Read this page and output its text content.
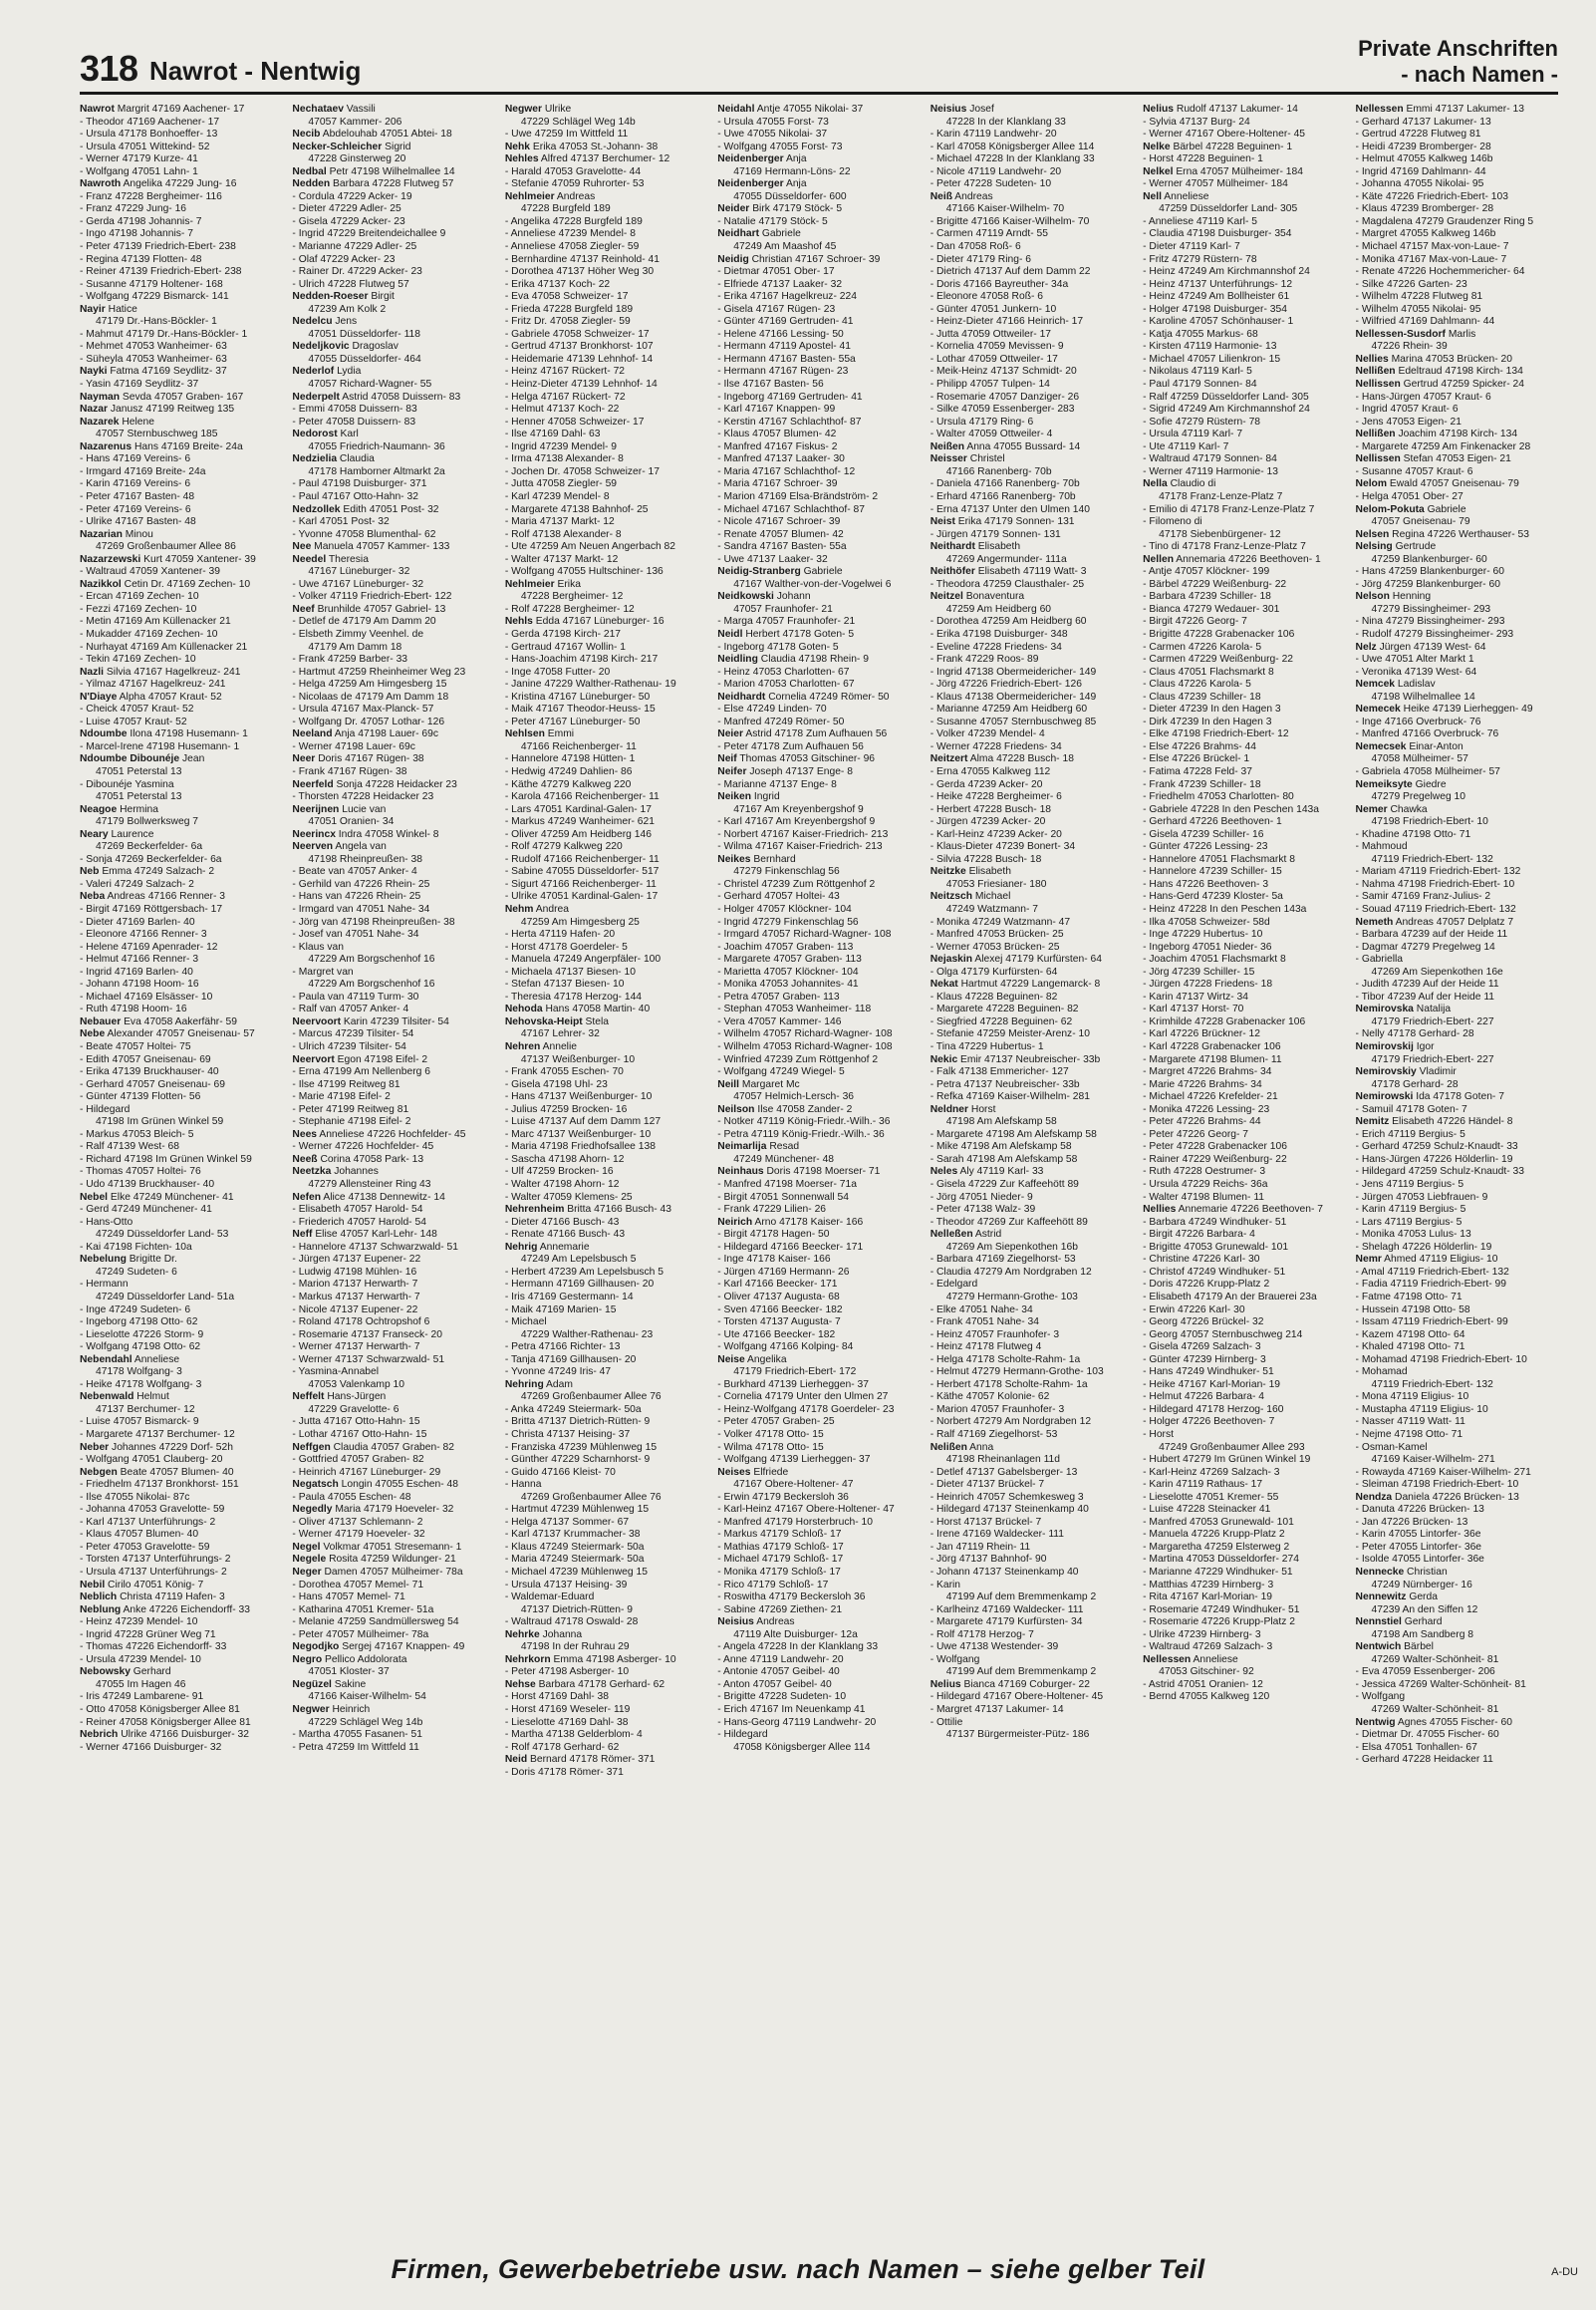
318 Nawrot - Nentwig
Private Anschriften
- nach Namen -
Nawrot Margrit 47169 Aachener- 17
- Theodor 47169 Aachener- 17
- Ursula 47178 Bonhoeffer- 13
- Ursula 47051 Wittekind- 52
- Werner 47179 Kurze- 41
- Wolfgang 47051 Lahn- 1
Nawroth Angelika 47229 Jung- 16
- Franz 47228 Bergheimer- 116
- Franz 47229 Jung- 16
- Gerda 47198 Johannis- 7
- Ingo 47198 Johannis- 7
- Peter 47139 Friedrich-Ebert- 238
- Regina 47139 Flotten- 48
- Reiner 47139 Friedrich-Ebert- 238
- Susanne 47179 Holtener- 168
- Wolfgang 47229 Bismarck- 141
Nayir Hatice
47179 Dr.-Hans-Böckler- 1
- Mahmut 47179 Dr.-Hans-Böckler- 1
- Mehmet 47053 Wanheimer- 63
- Süheyla 47053 Wanheimer- 63
Nayki Fatma 47169 Seydlitz- 37
- Yasin 47169 Seydlitz- 37
Nayman Sevda 47057 Graben- 167
Nazar Janusz 47199 Reitweg 135
Nazarek Helene
47057 Sternbuschweg 185
Nazarenus Hans 47169 Breite- 24a
- Hans 47169 Vereins- 6
- Irmgard 47169 Breite- 24a
- Karin 47169 Vereins- 6
- Peter 47167 Basten- 48
- Peter 47169 Vereins- 6
- Ulrike 47167 Basten- 48
Nazarian Minou
47269 Großenbaumer Allee 86
Nazarzewski Kurt 47059 Xantener- 39
- Waltraud 47059 Xantener- 39
Nazikkol Cetin Dr. 47169 Zechen- 10
- Ercan 47169 Zechen- 10
- Fezzi 47169 Zechen- 10
- Metin 47169 Am Küllenacker 21
- Mukadder 47169 Zechen- 10
- Nurhayat 47169 Am Küllenacker 21
- Tekin 47169 Zechen- 10
Nazli Silvia 47167 Hagelkreuz- 241
- Yilmaz 47167 Hagelkreuz- 241
N'Diaye Alpha 47057 Kraut- 52
- Cheick 47057 Kraut- 52
- Luise 47057 Kraut- 52
Ndoumbe Ilona 47198 Husemann- 1
- Marcel-Irene 47198 Husemann- 1
Ndoumbe Dibounéje Jean
47051 Peterstal 13
- Dibounéje Yasmina
47051 Peterstal 13
Neagoe Hermina
47179 Bollwerksweg 7
Neary Laurence
47269 Beckerfelder- 6a
- Sonja 47269 Beckerfelder- 6a
Neb Emma 47249 Salzach- 2
- Valeri 47249 Salzach- 2
Neba Andreas 47166 Renner- 3
- Birgit 47169 Röttgersbach- 17
- Dieter 47169 Barlen- 40
- Eleonore 47166 Renner- 3
- Helene 47169 Apenrader- 12
- Helmut 47166 Renner- 3
- Ingrid 47169 Barlen- 40
- Johann 47198 Hoom- 16
- Michael 47169 Elsässer- 10
- Ruth 47198 Hoom- 16
Nebauer Eva 47058 Aakerfähr- 59
Nebe Alexander 47057 Gneisenau- 57
- Beate 47057 Holtei- 75
- Edith 47057 Gneisenau- 69
- Erika 47139 Bruckhauser- 40
- Gerhard 47057 Gneisenau- 69
- Günter 47139 Flotten- 56
- Hildegard
47198 Im Grünen Winkel 59
- Markus 47053 Bleich- 5
- Ralf 47139 West- 68
- Richard 47198 Im Grünen Winkel 59
- Thomas 47057 Holtei- 76
- Udo 47139 Bruckhauser- 40
Nebel Elke 47249 Münchener- 41
- Gerd 47249 Münchener- 41
- Hans-Otto
47249 Düsseldorfer Land- 53
- Kai 47198 Fichten- 10a
Nebelung Brigitte Dr.
47249 Sudeten- 6
- Hermann
47249 Düsseldorfer Land- 51a
- Inge 47249 Sudeten- 6
- Ingeborg 47198 Otto- 62
- Lieselotte 47226 Storm- 9
- Wolfgang 47198 Otto- 62
Nebendahl Anneliese
47178 Wolfgang- 3
- Heike 47178 Wolfgang- 3
Nebenwald Helmut
47137 Berchumer- 12
- Luise 47057 Bismarck- 9
- Margarete 47137 Berchumer- 12
Neber Johannes 47229 Dorf- 52h
- Wolfgang 47051 Clauberg- 20
Nebgen Beate 47057 Blumen- 40
- Friedhelm 47137 Bronkhorst- 151
- Ilse 47055 Nikolai- 87c
- Johanna 47053 Gravelotte- 59
- Karl 47137 Unterführungs- 2
- Klaus 47057 Blumen- 40
- Peter 47053 Gravelotte- 59
- Torsten 47137 Unterführungs- 2
- Ursula 47137 Unterführungs- 2
Nebil Cirilo 47051 König- 7
Neblich Christa 47119 Hafen- 3
Neblung Anke 47226 Eichendorff- 33
- Heinz 47239 Mendel- 10
- Ingrid 47228 Grüner Weg 71
- Thomas 47226 Eichendorff- 33
- Ursula 47239 Mendel- 10
Nebowsky Gerhard
47055 Im Hagen 46
- Iris 47249 Lambarene- 91
- Otto 47058 Königsberger Allee 81
- Reiner 47058 Königsberger Allee 81
Nebrich Ulrike 47166 Duisburger- 32
- Werner 47166 Duisburger- 32
Nechataev Vassili
47057 Kammer- 206
Necib Abdelouhab 47051 Abtei- 18
Necker-Schleicher Sigrid
47228 Ginsterweg 20
Nedbal Petr 47198 Wilhelmallee 14
Nedden Barbara 47228 Flutweg 57
- Cordula 47229 Acker- 19
- Dieter 47229 Adler- 25
- Gisela 47229 Acker- 23
- Ingrid 47229 Breitendeichallee 9
- Marianne 47229 Adler- 25
- Olaf 47229 Acker- 23
- Rainer Dr. 47229 Acker- 23
- Ulrich 47228 Flutweg 57
Nedden-Roeser Birgit
47239 Am Kolk 2
Nedelcu Jens
47051 Düsseldorfer- 118
Nedeljkovic Dragoslav
47055 Düsseldorfer- 464
Nederlof Lydia
47057 Richard-Wagner- 55
Nederpelt Astrid 47058 Duissern- 83
- Emmi 47058 Duissern- 83
- Peter 47058 Duissern- 83
Nedorost Karl
47055 Friedrich-Naumann- 36
Nedzielia Claudia
47178 Hamborner Altmarkt 2a
- Paul 47198 Duisburger- 371
- Paul 47167 Otto-Hahn- 32
Nedzollek Edith 47051 Post- 32
- Karl 47051 Post- 32
- Yvonne 47058 Blumenthal- 62
Nee Manuela 47057 Kammer- 133
Needel Theresia
47167 Lüneburger- 32
- Uwe 47167 Lüneburger- 32
- Volker 47119 Friedrich-Ebert- 122
Neef Brunhilde 47057 Gabriel- 13
- Detlef de 47179 Am Damm 20
- Elsbeth Zimmy Veenhel. de
47179 Am Damm 18
- Frank 47259 Barber- 33
- Hartmut 47259 Rheinheimer Weg 23
- Helga 47259 Am Himgesberg 15
- Nicolaas de 47179 Am Damm 18
- Ursula 47167 Max-Planck- 57
- Wolfgang Dr. 47057 Lothar- 126
Neeland Anja 47198 Lauer- 69c
- Werner 47198 Lauer- 69c
Neer Doris 47167 Rügen- 38
- Frank 47167 Rügen- 38
Neerfeld Sonja 47228 Heidacker 23
- Thorsten 47228 Heidacker 23
Neerijnen Lucie van
47051 Oranien- 34
Neerincx Indra 47058 Winkel- 8
Neerven Angela van
47198 Rheinpreußen- 38
- Beate van 47057 Anker- 4
- Gerhild van 47226 Rhein- 25
- Hans van 47226 Rhein- 25
- Irmgard van 47051 Nahe- 34
- Jörg van 47198 Rheinpreußen- 38
- Josef van 47051 Nahe- 34
- Klaus van
47229 Am Borgschenhof 16
- Margret van
47229 Am Borgschenhof 16
- Paula van 47119 Turm- 30
- Ralf van 47057 Anker- 4
Neervoort Karin 47239 Tilsiter- 54
- Marcus 47239 Tilsiter- 54
- Ulrich 47239 Tilsiter- 54
Neervort Egon 47198 Eifel- 2
- Erna 47199 Am Nellenberg 6
- Ilse 47199 Reitweg 81
- Marie 47198 Eifel- 2
- Peter 47199 Reitweg 81
- Stephanie 47198 Eifel- 2
Nees Anneliese 47226 Hochfelder- 45
- Werner 47226 Hochfelder- 45
Neeß Corina 47058 Park- 13
Neetzka Johannes
47279 Allensteiner Ring 43
Nefen Alice 47138 Dennewitz- 14
- Elisabeth 47057 Harold- 54
- Friederich 47057 Harold- 54
Neff Elise 47057 Karl-Lehr- 148
- Hannelore 47137 Schwarzwald- 51
- Jürgen 47137 Eupener- 22
- Ludwig 47198 Mühlen- 16
- Marion 47137 Herwarth- 7
- Markus 47137 Herwarth- 7
- Nicole 47137 Eupener- 22
- Roland 47178 Ochtropshof 6
- Rosemarie 47137 Franseck- 20
- Werner 47137 Herwarth- 7
- Werner 47137 Schwarzwald- 51
- Yasmina-Annabel
47053 Valenkamp 10
Neffelt Hans-Jürgen
47229 Gravelotte- 6
- Jutta 47167 Otto-Hahn- 15
- Lothar 47167 Otto-Hahn- 15
Neffgen Claudia 47057 Graben- 82
- Gottfried 47057 Graben- 82
- Heinrich 47167 Lüneburger- 29
Negatsch Longin 47055 Eschen- 48
- Paula 47055 Eschen- 48
Negedly Maria 47179 Hoeveler- 32
- Oliver 47137 Schlemann- 2
- Werner 47179 Hoeveler- 32
Negel Volkmar 47051 Stresemann- 1
Negele Rosita 47259 Wildunger- 21
Neger Damen 47057 Mülheimer- 78a
- Dorothea 47057 Memel- 71
- Hans 47057 Memel- 71
- Katharina 47051 Kremer- 51a
- Melanie 47259 Sandmüllersweg 54
- Peter 47057 Mülheimer- 78a
Negodjko Sergej 47167 Knappen- 49
Negro Pellico Addolorata
47051 Kloster- 37
Negüzel Sakine
47166 Kaiser-Wilhelm- 54
Negwer Heinrich
47229 Schlägel Weg 14b
- Martha 47055 Fasanen- 51
- Petra 47259 Im Wittfeld 11
Negwer Ulrike
47229 Schlägel Weg 14b
- Uwe 47259 Im Wittfeld 11
Nehk Erika 47053 St.-Johann- 38
Nehles Alfred 47137 Berchumer- 12
- Harald 47053 Gravelotte- 44
- Stefanie 47059 Ruhrorter- 53
Nehlmeier Andreas
47228 Burgfeld 189
- Angelika 47228 Burgfeld 189
- Anneliese 47239 Mendel- 8
- Anneliese 47058 Ziegler- 59
- Bernhardine 47137 Reinhold- 41
- Dorothea 47137 Höher Weg 30
- Erika 47137 Koch- 22
- Eva 47058 Schweizer- 17
- Frieda 47228 Burgfeld 189
- Fritz Dr. 47058 Ziegler- 59
- Gabriele 47058 Schweizer- 17
- Gertrud 47137 Bronkhorst- 107
- Heidemarie 47139 Lehnhof- 14
- Heinz 47167 Rückert- 72
- Heinz-Dieter 47139 Lehnhof- 14
- Helga 47167 Rückert- 72
- Helmut 47137 Koch- 22
- Henner 47058 Schweizer- 17
- Ilse 47169 Dahl- 63
- Ingrid 47239 Mendel- 9
- Irma 47138 Alexander- 8
- Jochen Dr. 47058 Schweizer- 17
- Jutta 47058 Ziegler- 59
- Karl 47239 Mendel- 8
- Margarete 47138 Bahnhof- 25
- Maria 47137 Markt- 12
- Rolf 47138 Alexander- 8
- Ute 47259 Am Neuen Angerbach 82
- Walter 47137 Markt- 12
- Wolfgang 47055 Hultschiner- 136
Nehlmeier Erika
47228 Bergheimer- 12
- Rolf 47228 Bergheimer- 12
Nehls Edda 47167 Lüneburger- 16
- Gerda 47198 Kirch- 217
- Gertraud 47167 Wollin- 1
- Hans-Joachim 47198 Kirch- 217
- Inge 47058 Futter- 20
- Janine 47229 Walther-Rathenau- 19
- Kristina 47167 Lüneburger- 50
- Maik 47167 Theodor-Heuss- 15
- Peter 47167 Lüneburger- 50
Nehlsen Emmi
47166 Reichenberger- 11
- Hannelore 47198 Hütten- 1
- Hedwig 47249 Dahlien- 86
- Käthe 47279 Kalkweg 220
- Karola 47166 Reichenberger- 11
- Lars 47051 Kardinal-Galen- 17
- Markus 47249 Wanheimer- 621
- Oliver 47259 Am Heidberg 146
- Rolf 47279 Kalkweg 220
- Rudolf 47166 Reichenberger- 11
- Sabine 47055 Düsseldorfer- 517
- Sigurt 47166 Reichenberger- 11
- Ulrike 47051 Kardinal-Galen- 17
Nehm Andrea
47259 Am Himgesberg 25
- Herta 47119 Hafen- 20
- Horst 47178 Goerdeler- 5
- Manuela 47249 Angerpfäler- 100
- Michaela 47137 Biesen- 10
- Stefan 47137 Biesen- 10
- Theresia 47178 Herzog- 144
Nehoda Hans 47058 Martin- 40
Nehovska-Heipt Stela
47167 Lehrer- 32
Nehren Annelie
47137 Weißenburger- 10
- Frank 47055 Eschen- 70
- Gisela 47198 Uhl- 23
- Hans 47137 Weißenburger- 10
- Julius 47259 Brocken- 16
- Luise 47137 Auf dem Damm 127
- Marc 47137 Weißenburger- 10
- Maria 47198 Friedhofsallee 138
- Sascha 47198 Ahorn- 12
- Ulf 47259 Brocken- 16
- Walter 47198 Ahorn- 12
- Walter 47059 Klemens- 25
Nehrenheim Britta 47166 Busch- 43
- Dieter 47166 Busch- 43
- Renate 47166 Busch- 43
Nehrig Annemarie
47249 Am Lepelsbusch 5
- Herbert 47239 Am Lepelsbusch 5
- Hermann 47169 Gillhausen- 20
- Iris 47169 Gestermann- 14
- Maik 47169 Marien- 15
- Michael
47229 Walther-Rathenau- 23
- Petra 47166 Richter- 13
- Tanja 47169 Gillhausen- 20
- Yvonne 47249 Iris- 47
Nehring Adam
47269 Großenbaumer Allee 76
- Anka 47249 Steiermark- 50a
- Britta 47137 Dietrich-Rütten- 9
- Christa 47137 Heising- 37
- Franziska 47239 Mühlenweg 15
- Günther 47229 Scharnhorst- 9
- Guido 47166 Kleist- 70
- Hanna
47269 Großenbaumer Allee 76
- Hartmut 47239 Mühlenweg 15
- Helga 47137 Sommer- 67
- Karl 47137 Krummacher- 38
- Klaus 47249 Steiermark- 50a
- Maria 47249 Steiermark- 50a
- Michael 47239 Mühlenweg 15
- Ursula 47137 Heising- 39
- Waldemar-Eduard
47137 Dietrich-Rütten- 9
- Waltraud 47178 Oswald- 28
Nehrke Johanna
47198 In der Ruhrau 29
Nehrkorn Emma 47198 Asberger- 10
- Peter 47198 Asberger- 10
Nehse Barbara 47178 Gerhard- 62
- Horst 47169 Dahl- 38
- Horst 47169 Weseler- 119
- Lieselotte 47169 Dahl- 38
- Martha 47138 Gelderblom- 4
- Rolf 47178 Gerhard- 62
Neid Bernard 47178 Römer- 371
- Doris 47178 Römer- 371
Neidahl Antje 47055 Nikolai- 37
- Ursula 47055 Forst- 73
- Uwe 47055 Nikolai- 37
- Wolfgang 47055 Forst- 73
Neidenberger Anja
47169 Hermann-Löns- 22
Neidenberger Anja
47055 Düsseldorfer- 600
Neider Birk 47179 Stöck- 5
- Natalie 47179 Stöck- 5
Neidhart Gabriele
47249 Am Maashof 45
Neidig Christian 47167 Schroer- 39
- Dietmar 47051 Ober- 17
- Elfriede 47137 Laaker- 32
- Erika 47167 Hagelkreuz- 224
- Gisela 47167 Rügen- 23
- Günter 47169 Gertruden- 41
- Helene 47166 Lessing- 50
- Hermann 47119 Apostel- 41
- Hermann 47167 Basten- 55a
- Hermann 47167 Rügen- 23
- Ilse 47167 Basten- 56
- Ingeborg 47169 Gertruden- 41
- Karl 47167 Knappen- 99
- Kerstin 47167 Schlachthof- 87
- Klaus 47057 Blumen- 42
- Manfred 47167 Fiskus- 2
- Manfred 47137 Laaker- 30
- Maria 47167 Schlachthof- 12
- Maria 47167 Schroer- 39
- Marion 47169 Elsa-Brändström- 2
- Michael 47167 Schlachthof- 87
- Nicole 47167 Schroer- 39
- Renate 47057 Blumen- 42
- Sandra 47167 Basten- 55a
- Uwe 47137 Laaker- 32
Neidig-Stranberg Gabriele
47167 Walther-von-der-Vogelwei 6
Neidkowski Johann
47057 Fraunhofer- 21
- Marga 47057 Fraunhofer- 21
Neidl Herbert 47178 Goten- 5
- Ingeborg 47178 Goten- 5
Neidling Claudia 47198 Rhein- 9
- Heinz 47053 Charlotten- 67
- Marion 47053 Charlotten- 67
Neidhardt Cornelia 47249 Römer- 50
- Else 47249 Linden- 70
- Manfred 47249 Römer- 50
Neier Astrid 47178 Zum Aufhauen 56
- Peter 47178 Zum Aufhauen 56
Neif Thomas 47053 Gitschiner- 96
Neifer Joseph 47137 Enge- 8
- Marianne 47137 Enge- 8
Neiken Ingrid
47167 Am Kreyenbergshof 9
- Karl 47167 Am Kreyenbergshof 9
- Norbert 47167 Kaiser-Friedrich- 213
- Wilma 47167 Kaiser-Friedrich- 213
Neikes Bernhard
47279 Finkenschlag 56
- Christel 47239 Zum Röttgenhof 2
- Gerhard 47057 Holtei- 43
- Holger 47057 Klöckner- 104
- Ingrid 47279 Finkenschlag 56
- Irmgard 47057 Richard-Wagner- 108
- Joachim 47057 Graben- 113
- Margarete 47057 Graben- 113
- Marietta 47057 Klöckner- 104
- Monika 47053 Johannites- 41
- Petra 47057 Graben- 113
- Stephan 47053 Wanheimer- 118
- Vera 47057 Kammer- 146
- Wilhelm 47057 Richard-Wagner- 108
- Wilhelm 47053 Richard-Wagner- 108
- Winfried 47239 Zum Röttgenhof 2
- Wolfgang 47249 Wiegel- 5
Neill Margaret Mc
47057 Helmich-Lersch- 36
Neilson Ilse 47058 Zander- 2
- Notker 47119 König-Friedr.-Wilh.- 36
- Petra 47119 König-Friedr.-Wilh.- 36
Neimarlija Resad
47249 Münchener- 48
Neinhaus Doris 47198 Moerser- 71
- Manfred 47198 Moerser- 71a
- Birgit 47051 Sonnenwall 54
- Frank 47229 Lilien- 26
Neirich Arno 47178 Kaiser- 166
- Birgit 47178 Hagen- 50
- Hildegard 47166 Beecker- 171
- Inge 47178 Kaiser- 166
- Jürgen 47169 Hermann- 26
- Karl 47166 Beecker- 171
- Oliver 47137 Augusta- 68
- Sven 47166 Beecker- 182
- Torsten 47137 Augusta- 7
- Ute 47166 Beecker- 182
- Wolfgang 47166 Kolping- 84
Neise Angelika
47179 Friedrich-Ebert- 172
- Burkhard 47139 Lierheggen- 37
- Cornelia 47179 Unter den Ulmen 27
- Heinz-Wolfgang 47178 Goerdeler- 23
- Peter 47057 Graben- 25
- Volker 47178 Otto- 15
- Wilma 47178 Otto- 15
- Wolfgang 47139 Lierheggen- 37
Neises Elfriede
47167 Obere-Holtener- 47
- Erwin 47179 Beckersloh 36
- Karl-Heinz 47167 Obere-Holtener- 47
- Manfred 47179 Horsterbruch- 10
- Markus 47179 Schloß- 17
- Mathias 47179 Schloß- 17
- Michael 47179 Schloß- 17
- Monika 47179 Schloß- 17
- Rico 47179 Schloß- 17
- Roswitha 47179 Beckersloh 36
- Sabine 47269 Ziethen- 21
Neisius Andreas
47119 Alte Duisburger- 12a
- Angela 47228 In der Klanklang 33
- Anne 47119 Landwehr- 20
- Antonie 47057 Geibel- 40
- Anton 47057 Geibel- 40
- Brigitte 47228 Sudeten- 10
- Erich 47167 Im Neuenkamp 41
- Hans-Georg 47119 Landwehr- 20
- Hildegard
47058 Königsberger Allee 114
Neisius Josef
47228 In der Klanklang 33
- Karin 47119 Landwehr- 20
- Karl 47058 Königsberger Allee 114
- Michael 47228 In der Klanklang 33
- Nicole 47119 Landwehr- 20
- Peter 47228 Sudeten- 10
Neiß Andreas
47166 Kaiser-Wilhelm- 70
- Brigitte 47166 Kaiser-Wilhelm- 70
- Carmen 47119 Arndt- 55
- Dan 47058 Roß- 6
- Dieter 47179 Ring- 6
- Dietrich 47137 Auf dem Damm 22
- Doris 47166 Bayreuther- 34a
- Eleonore 47058 Roß- 6
- Günter 47051 Junkern- 10
- Heinz-Dieter 47166 Heinrich- 17
- Jutta 47059 Ottweiler- 17
- Kornelia 47059 Mevissen- 9
- Lothar 47059 Ottweiler- 17
- Meik-Heinz 47137 Schmidt- 20
- Philipp 47057 Tulpen- 14
- Rosemarie 47057 Danziger- 26
- Silke 47059 Essenberger- 283
- Ursula 47179 Ring- 6
- Walter 47059 Ottweiler- 4
Neißen Anna 47055 Bussard- 14
Neisser Christel
47166 Ranenberg- 70b
- Daniela 47166 Ranenberg- 70b
- Erhard 47166 Ranenberg- 70b
- Erna 47137 Unter den Ulmen 140
Neist Erika 47179 Sonnen- 131
- Jürgen 47179 Sonnen- 131
Neithardt Elisabeth
47269 Angermunder- 111a
Neithöfer Elisabeth 47119 Watt- 3
- Theodora 47259 Clausthaler- 25
Neitzel Bonaventura
47259 Am Heidberg 60
- Dorothea 47259 Am Heidberg 60
- Erika 47198 Duisburger- 348
- Eveline 47228 Friedens- 34
- Frank 47229 Roos- 89
- Ingrid 47138 Obermeidericher- 149
- Jörg 47226 Friedrich-Ebert- 126
- Klaus 47138 Obermeidericher- 149
- Marianne 47259 Am Heidberg 60
- Susanne 47057 Sternbuschweg 85
- Volker 47239 Mendel- 4
- Werner 47228 Friedens- 34
Neitzert Alma 47228 Busch- 18
- Erna 47055 Kalkweg 112
- Gerda 47239 Acker- 20
- Heike 47228 Bergheimer- 6
- Herbert 47228 Busch- 18
- Jürgen 47239 Acker- 20
- Karl-Heinz 47239 Acker- 20
- Klaus-Dieter 47239 Bonert- 34
- Silvia 47228 Busch- 18
Neitzke Elisabeth
47053 Friesianer- 180
Neitzsch Michael
47249 Watzmann- 7
- Monika 47249 Watzmann- 47
- Manfred 47053 Brücken- 25
- Werner 47053 Brücken- 25
Nejaskin Alexej 47179 Kurfürsten- 64
- Olga 47179 Kurfürsten- 64
Nekat Hartmut 47229 Langemarck- 8
- Klaus 47228 Beguinen- 82
- Margarete 47228 Beguinen- 82
- Siegfried 47228 Beguinen- 62
- Stefanie 47259 Meister-Arenz- 10
- Tina 47229 Hubertus- 1
Nekic Emir 47137 Neubreischer- 33b
- Falk 47138 Emmericher- 127
- Petra 47137 Neubreischer- 33b
- Refka 47169 Kaiser-Wilhelm- 281
Neldner Horst
47198 Am Alefskamp 58
- Margarete 47198 Am Alefskamp 58
- Mike 47198 Am Alefskamp 58
- Sarah 47198 Am Alefskamp 58
Neles Aly 47119 Karl- 33
- Gisela 47229 Zur Kaffeehött 89
- Jörg 47051 Nieder- 9
- Peter 47138 Walz- 39
- Theodor 47269 Zur Kaffeehött 89
Nelleßen Astrid
47269 Am Siepenkothen 16b
- Barbara 47169 Ziegelhorst- 53
- Claudia 47279 Am Nordgraben 12
- Edelgard
47279 Hermann-Grothe- 103
- Elke 47051 Nahe- 34
- Frank 47051 Nahe- 34
- Heinz 47057 Fraunhofer- 3
- Heinz 47178 Flutweg 4
- Helga 47178 Scholte-Rahm- 1a
- Helmut 47279 Hermann-Grothe- 103
- Herbert 47178 Scholte-Rahm- 1a
- Käthe 47057 Kolonie- 62
- Marion 47057 Fraunhofer- 3
- Norbert 47279 Am Nordgraben 12
- Ralf 47169 Ziegelhorst- 53
Nelißen Anna
47198 Rheinanlagen 11d
- Detlef 47137 Gabelsberger- 13
- Dieter 47137 Brückel- 7
- Heinrich 47057 Schemkesweg 3
- Hildegard 47137 Steinenkamp 40
- Horst 47137 Brückel- 7
- Irene 47169 Waldecker- 111
- Jan 47119 Rhein- 11
- Jörg 47137 Bahnhof- 90
- Johann 47137 Steinenkamp 40
- Karin
47199 Auf dem Bremmenkamp 2
- Karlheinz 47169 Waldecker- 111
- Margarete 47179 Kurfürsten- 34
- Rolf 47178 Herzog- 7
- Uwe 47138 Westender- 39
- Wolfgang
47199 Auf dem Bremmenkamp 2
Nelius Bianca 47169 Coburger- 22
- Hildegard 47167 Obere-Holtener- 45
- Margret 47137 Lakumer- 14
- Ottilie
47137 Bürgermeister-Pütz- 186
Nelius Rudolf 47137 Lakumer- 14
- Sylvia 47137 Burg- 24
- Werner 47167 Obere-Holtener- 45
Nelke Bärbel 47228 Beguinen- 1
- Horst 47228 Beguinen- 1
Nelkel Erna 47057 Mülheimer- 184
- Werner 47057 Mülheimer- 184
Nell Anneliese
47259 Düsseldorfer Land- 305
- Anneliese 47119 Karl- 5
- Claudia 47198 Duisburger- 354
- Dieter 47119 Karl- 7
- Fritz 47279 Rüstern- 78
- Heinz 47249 Am Kirchmannshof 24
- Heinz 47137 Unterführungs- 12
- Heinz 47249 Am Bollheister 61
- Holger 47198 Duisburger- 354
- Karoline 47057 Schönhauser- 1
- Katja 47055 Markus- 68
- Kirsten 47119 Harmonie- 13
- Michael 47057 Lilienkron- 15
- Nikolaus 47119 Karl- 5
- Paul 47179 Sonnen- 84
- Ralf 47259 Düsseldorfer Land- 305
- Sigrid 47249 Am Kirchmannshof 24
- Sofie 47279 Rüstern- 78
- Ursula 47119 Karl- 7
- Ute 47119 Karl- 7
- Waltraud 47179 Sonnen- 84
- Werner 47119 Harmonie- 13
Nella Claudio di
47178 Franz-Lenze-Platz 7
- Emilio di 47178 Franz-Lenze-Platz 7
- Filomeno di
47178 Siebenbürgener- 12
- Tino di 47178 Franz-Lenze-Platz 7
Nellen Annemaria 47226 Beethoven- 1
- Antje 47057 Klöckner- 199
- Bärbel 47229 Weißenburg- 22
- Barbara 47239 Schiller- 18
- Bianca 47279 Wedauer- 301
- Birgit 47226 Georg- 7
- Brigitte 47228 Grabenacker 106
- Carmen 47226 Karola- 5
- Carmen 47229 Weißenburg- 22
- Claus 47051 Flachsmarkt 8
- Claus 47226 Karola- 5
- Claus 47239 Schiller- 18
- Dieter 47239 In den Hagen 3
- Dirk 47239 In den Hagen 3
- Elke 47198 Friedrich-Ebert- 12
- Else 47226 Brahms- 44
- Else 47226 Brückel- 1
- Fatima 47228 Feld- 37
- Frank 47239 Schiller- 18
- Friedhelm 47053 Charlotten- 80
- Gabriele 47228 In den Peschen 143a
- Gerhard 47226 Beethoven- 1
- Gisela 47239 Schiller- 16
- Günter 47226 Lessing- 23
- Hannelore 47051 Flachsmarkt 8
- Hannelore 47239 Schiller- 15
- Hans 47226 Beethoven- 3
- Hans-Gerd 47239 Kloster- 5a
- Heinz 47228 In den Peschen 143a
- Ilka 47058 Schweizer- 58d
- Inge 47229 Hubertus- 10
- Ingeborg 47051 Nieder- 36
- Joachim 47051 Flachsmarkt 8
- Jörg 47239 Schiller- 15
- Jürgen 47228 Friedens- 18
- Karin 47137 Wirtz- 34
- Karl 47137 Horst- 70
- Krimhilde 47228 Grabenacker 106
- Karl 47226 Brückner- 12
- Karl 47228 Grabenacker 106
- Margarete 47198 Blumen- 11
- Margret 47226 Brahms- 34
- Marie 47226 Brahms- 34
- Michael 47226 Krefelder- 21
- Monika 47226 Lessing- 23
- Peter 47226 Brahms- 44
- Peter 47226 Georg- 7
- Peter 47228 Grabenacker 106
- Rainer 47229 Weißenburg- 22
- Ruth 47228 Oestrumer- 3
- Ursula 47229 Reichs- 36a
- Walter 47198 Blumen- 11
Nellies Annemarie 47226 Beethoven- 7
- Barbara 47249 Windhuker- 51
- Birgit 47226 Barbara- 4
- Brigitte 47053 Grunewald- 101
- Christine 47226 Karl- 30
- Christof 47249 Windhuker- 51
- Doris 47226 Krupp-Platz 2
- Elisabeth 47179 An der Brauerei 23a
- Erwin 47226 Karl- 30
- Georg 47226 Brückel- 32
- Georg 47057 Sternbuschweg 214
- Gisela 47269 Salzach- 3
- Günter 47239 Hirnberg- 3
- Hans 47249 Windhuker- 51
- Heike 47167 Karl-Morian- 19
- Helmut 47226 Barbara- 4
- Hildegard 47178 Herzog- 160
- Holger 47226 Beethoven- 7
- Horst
47249 Großenbaumer Allee 293
- Hubert 47279 Im Grünen Winkel 19
- Karl-Heinz 47269 Salzach- 3
- Karin 47119 Rathaus- 17
- Lieselotte 47051 Kremer- 55
- Luise 47228 Steinacker 41
- Manfred 47053 Grunewald- 101
- Manuela 47226 Krupp-Platz 2
- Margaretha 47259 Elsterweg 2
- Martina 47053 Düsseldorfer- 274
- Marianne 47229 Windhuker- 51
- Matthias 47239 Hirnberg- 3
- Rita 47167 Karl-Morian- 19
- Rosemarie 47249 Windhuker- 51
- Rosemarie 47226 Krupp-Platz 2
- Ulrike 47239 Hirnberg- 3
- Waltraud 47269 Salzach- 3
Nellessen Anneliese
47053 Gitschiner- 92
- Astrid 47051 Oranien- 12
- Bernd 47055 Kalkweg 120
Nellessen Emmi 47137 Lakumer- 13
- Gerhard 47137 Lakumer- 13
- Gertrud 47228 Flutweg 81
- Heidi 47239 Bromberger- 28
- Helmut 47055 Kalkweg 146b
- Ingrid 47169 Dahlmann- 44
- Johanna 47055 Nikolai- 95
- Käte 47226 Friedrich-Ebert- 103
- Klaus 47239 Bromberger- 28
- Magdalena 47279 Graudenzer Ring 5
- Margret 47055 Kalkweg 146b
- Michael 47157 Max-von-Laue- 7
- Monika 47167 Max-von-Laue- 7
- Renate 47226 Hochemmericher- 64
- Silke 47226 Garten- 23
- Wilhelm 47228 Flutweg 81
- Wilhelm 47055 Nikolai- 95
- Wilfried 47169 Dahlmann- 44
Nellessen-Susdorf Marlis
47226 Rhein- 39
Nellies Marina 47053 Brücken- 20
Nellißen Edeltraud 47198 Kirch- 134
Nellissen Gertrud 47259 Spicker- 24
- Hans-Jürgen 47057 Kraut- 6
- Ingrid 47057 Kraut- 6
- Jens 47053 Eigen- 21
Nellißen Joachim 47198 Kirch- 134
- Margarete 47259 Am Finkenacker 28
Nellissen Stefan 47053 Eigen- 21
- Susanne 47057 Kraut- 6
Nelom Ewald 47057 Gneisenau- 79
- Helga 47051 Ober- 27
Nelom-Pokuta Gabriele
47057 Gneisenau- 79
Nelsen Regina 47226 Werthauser- 53
Nelsing Gertrude
47259 Blankenburger- 60
- Hans 47259 Blankenburger- 60
- Jörg 47259 Blankenburger- 60
Nelson Henning
47279 Bissingheimer- 293
- Nina 47279 Bissingheimer- 293
- Rudolf 47279 Bissingheimer- 293
Nelz Jürgen 47139 West- 64
- Uwe 47051 Alter Markt 1
- Veronika 47139 West- 64
Nemcek Ladislav
47198 Wilhelmallee 14
Nemecek Heike 47139 Lierheggen- 49
- Inge 47166 Overbruck- 76
- Manfred 47166 Overbruck- 76
Nemecsek Einar-Anton
47058 Mülheimer- 57
- Gabriela 47058 Mülheimer- 57
Nemeiksyte Giedre
47279 Pregelweg 10
Nemer Chawka
47198 Friedrich-Ebert- 10
- Khadine 47198 Otto- 71
- Mahmoud
47119 Friedrich-Ebert- 132
- Mariam 47119 Friedrich-Ebert- 132
- Nahma 47198 Friedrich-Ebert- 10
- Samir 47169 Franz-Julius- 2
- Souad 47119 Friedrich-Ebert- 132
Nemeth Andreas 47057 Delplatz 7
- Barbara 47239 auf der Heide 11
- Dagmar 47279 Pregelweg 14
- Gabriella
47269 Am Siepenkothen 16e
- Judith 47239 Auf der Heide 11
- Tibor 47239 Auf der Heide 11
Nemirovska Natalija
47179 Friedrich-Ebert- 227
- Nelly 47178 Gerhard- 28
Nemirovskij Igor
47179 Friedrich-Ebert- 227
Nemirovskiy Vladimir
47178 Gerhard- 28
Nemirowski Ida 47178 Goten- 7
- Samuil 47178 Goten- 7
Nemitz Elisabeth 47226 Händel- 8
- Erich 47119 Bergius- 5
- Gerhard 47259 Schulz-Knaudt- 33
- Hans-Jürgen 47226 Hölderlin- 19
- Hildegard 47259 Schulz-Knaudt- 33
- Jens 47119 Bergius- 5
- Jürgen 47053 Liebfrauen- 9
- Karin 47119 Bergius- 5
- Lars 47119 Bergius- 5
- Monika 47053 Lulus- 13
- Shelagh 47226 Hölderlin- 19
Nemr Ahmed 47119 Eligius- 10
- Amal 47119 Friedrich-Ebert- 132
- Fadia 47119 Friedrich-Ebert- 99
- Fatme 47198 Otto- 71
- Hussein 47198 Otto- 58
- Issam 47119 Friedrich-Ebert- 99
- Kazem 47198 Otto- 64
- Khaled 47198 Otto- 71
- Mohamad 47198 Friedrich-Ebert- 10
- Mohamad
47119 Friedrich-Ebert- 132
- Mona 47119 Eligius- 10
- Mustapha 47119 Eligius- 10
- Nasser 47119 Watt- 11
- Nejme 47198 Otto- 71
- Osman-Kamel
47169 Kaiser-Wilhelm- 271
- Rowayda 47169 Kaiser-Wilhelm- 271
- Sleiman 47198 Friedrich-Ebert- 10
Nendza Daniela 47226 Brücken- 13
- Danuta 47226 Brücken- 13
- Jan 47226 Brücken- 13
- Karin 47055 Lintorfer- 36e
- Peter 47055 Lintorfer- 36e
- Isolde 47055 Lintorfer- 36e
Nennecke Christian
47249 Nürnberger- 16
Nennewitz Gerda
47239 An den Siffen 12
Nennstiel Gerhard
47198 Am Sandberg 8
Nentwich Bärbel
47269 Walter-Schönheit- 81
- Eva 47059 Essenberger- 206
- Jessica 47269 Walter-Schönheit- 81
- Wolfgang
47269 Walter-Schönheit- 81
Nentwig Agnes 47055 Fischer- 60
- Dietmar Dr. 47055 Fischer- 60
- Elsa 47051 Tonhallen- 67
- Gerhard 47228 Heidacker 11
Firmen, Gewerbebetriebe usw. nach Namen – siehe gelber Teil	A-DU
